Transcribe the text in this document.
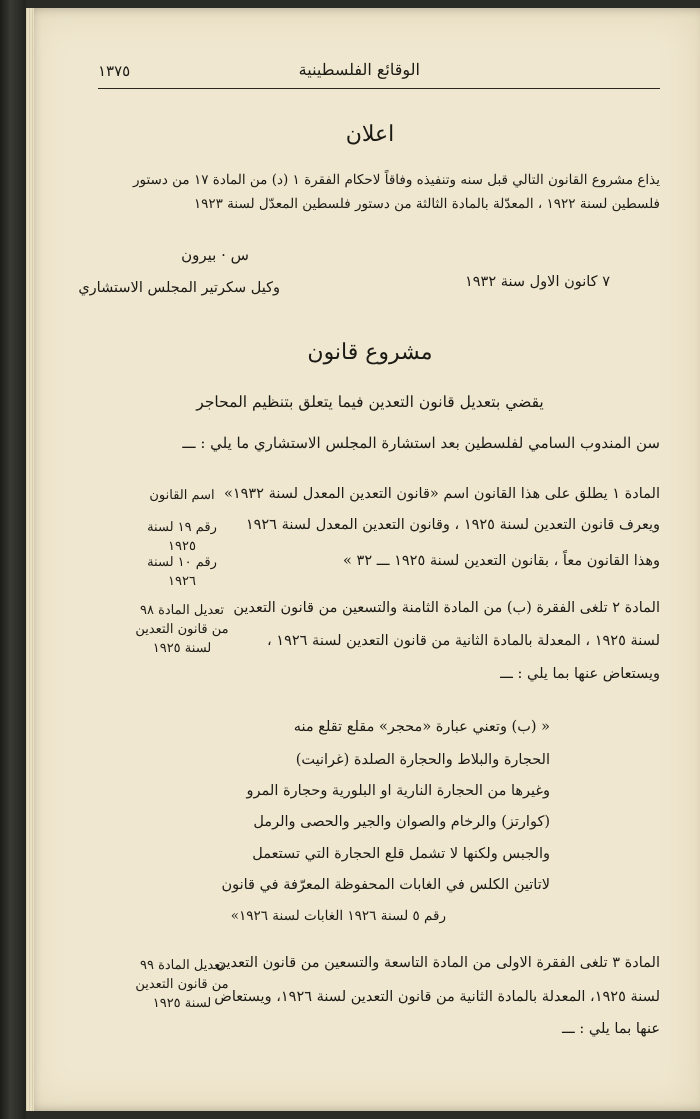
١٣٧٥	الوقائع الفلسطينية
اعلان
يذاع مشروع القانون التالي قبل سنه وتنفيذه وفاقاً لاحكام الفقرة ١ (د) من المادة ١٧ من دستور
فلسطين لسنة ١٩٢٢ ، المعدّلة بالمادة الثالثة من دستور فلسطين المعدّل لسنة ١٩٢٣
س · بيرون
وكيل سكرتير المجلس الاستشاري	٧ كانون الاول سنة ١٩٣٢
مشروع قانون
يقضي بتعديل قانون التعدين فيما يتعلق بتنظيم المحاجر
سن المندوب السامي لفلسطين بعد استشارة المجلس الاستشاري ما يلي : ـــ
المادة ١ يطلق على هذا القانون اسم «قانون التعدين المعدل لسنة ١٩٣٢»
ويعرف قانون التعدين لسنة ١٩٢٥ ، وقانون التعدين المعدل لسنة ١٩٢٦
وهذا القانون معاً ، بقانون التعدين لسنة ١٩٢٥ ـــ ٣٢ »
اسم القانون
رقم ١٩ لسنة ١٩٢٥
رقم ١٠ لسنة ١٩٢٦
المادة ٢ تلغى الفقرة (ب) من المادة الثامنة والتسعين من قانون التعدين
لسنة ١٩٢٥ ، المعدلة بالمادة الثانية من قانون التعدين لسنة ١٩٢٦ ،
ويستعاض عنها بما يلي : ـــ
تعديل المادة ٩٨ من قانون التعدين لسنة ١٩٢٥
« (ب) وتعني عبارة «محجر» مقلع تقلع منه
الحجارة والبلاط والحجارة الصلدة (غرانيت)
وغيرها من الحجارة النارية او البلورية وحجارة المرو
(كوارتز) والرخام والصوان والجير والحصى والرمل
والجبس ولكنها لا تشمل قلع الحجارة التي تستعمل
لاتاتين الكلس في الغابات المحفوظة المعرّفة في قانون
رقم ٥ لسنة ١٩٢٦ الغابات لسنة ١٩٢٦»
المادة ٣ تلغى الفقرة الاولى من المادة التاسعة والتسعين من قانون التعدين
لسنة ١٩٢٥، المعدلة بالمادة الثانية من قانون التعدين لسنة ١٩٢٦، ويستعاض
عنها بما يلي : ـــ
تعديل المادة ٩٩ من قانون التعدين لسنة ١٩٢٥
